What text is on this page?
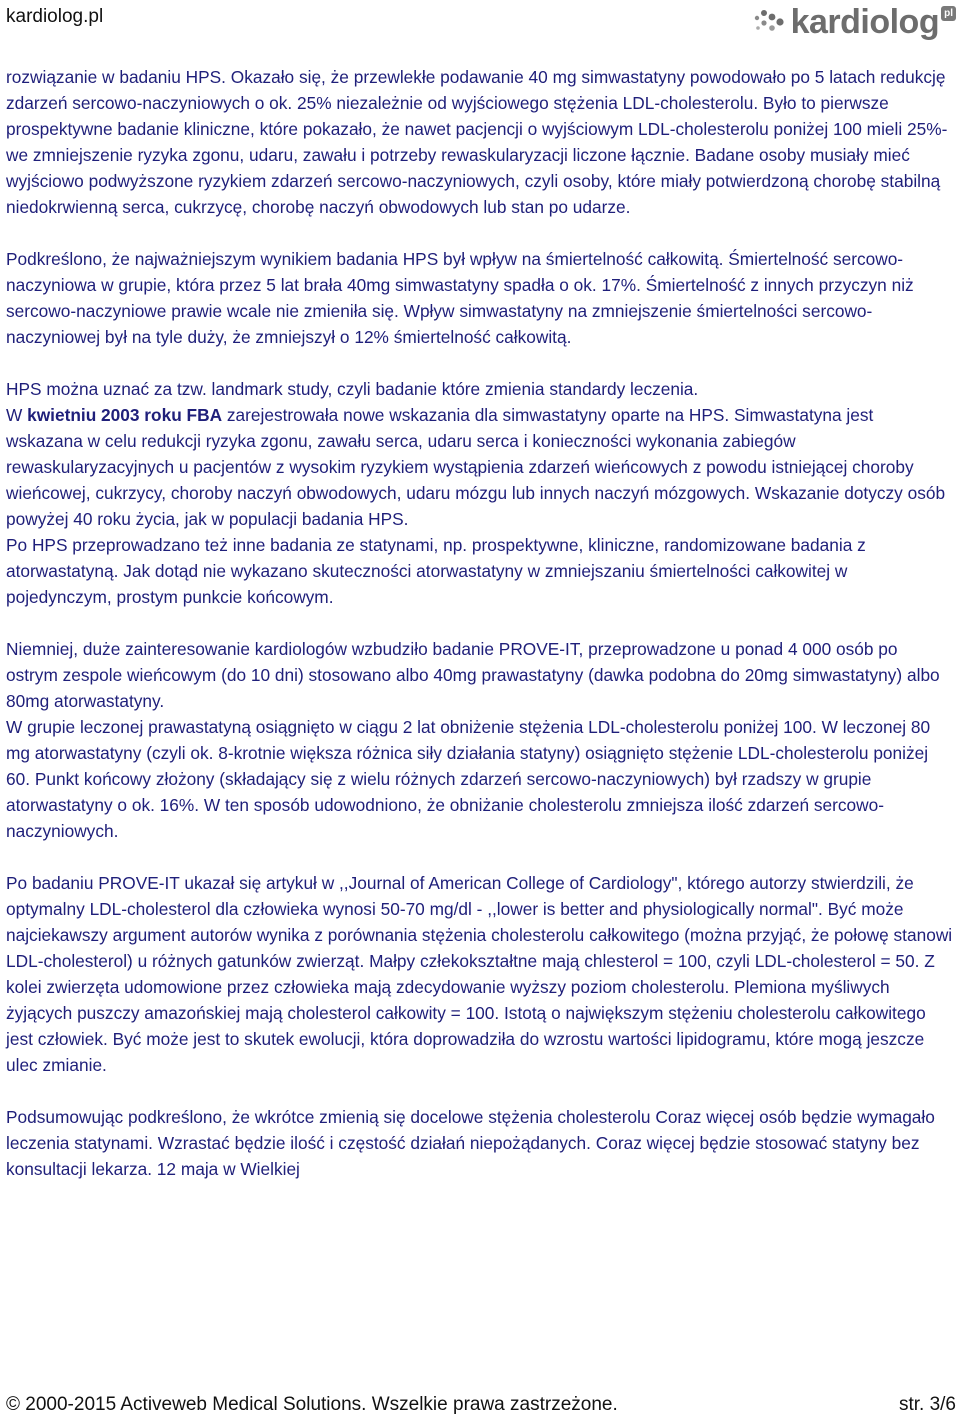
kardiolog.pl	kardiolog pl

rozwiązanie w badaniu HPS. Okazało się, że przewlekłe podawanie 40 mg simwastatyny powodowało po 5 latach redukcję zdarzeń sercowo-naczyniowych o ok. 25% niezależnie od wyjściowego stężenia LDL-cholesterolu. Było to pierwsze prospektywne badanie kliniczne, które pokazało, że nawet pacjencji o wyjściowym LDL-cholesterolu poniżej 100 mieli 25%-we zmniejszenie ryzyka zgonu, udaru, zawału i potrzeby rewaskularyzacji liczone łącznie. Badane osoby musiały mieć wyjściowo podwyższone ryzykiem zdarzeń sercowo-naczyniowych, czyli osoby, które miały potwierdzoną chorobę stabilną niedokrwienną serca, cukrzycę, chorobę naczyń obwodowych lub stan po udarze.

Podkreślono, że najważniejszym wynikiem badania HPS był wpływ na śmiertelność całkowitą. Śmiertelność sercowo-naczyniowa w grupie, która przez 5 lat brała 40mg simwastatyny spadła o ok. 17%. Śmiertelność z innych przyczyn niż sercowo-naczyniowe prawie wcale nie zmieniła się. Wpływ simwastatyny na zmniejszenie śmiertelności sercowo-naczyniowej był na tyle duży, że zmniejszył o 12% śmiertelność całkowitą.

HPS można uznać za tzw. landmark study, czyli badanie które zmienia standardy leczenia.
W kwietniu 2003 roku FBA zarejestrowała nowe wskazania dla simwastatyny oparte na HPS. Simwastatyna jest wskazana w celu redukcji ryzyka zgonu, zawału serca, udaru serca i konieczności wykonania zabiegów rewaskularyzacyjnych u pacjentów z wysokim ryzykiem wystąpienia zdarzeń wieńcowych z powodu istniejącej choroby wieńcowej, cukrzycy, choroby naczyń obwodowych, udaru mózgu lub innych naczyń mózgowych. Wskazanie dotyczy osób powyżej 40 roku życia, jak w populacji badania HPS.
Po HPS przeprowadzano też inne badania ze statynami, np. prospektywne, kliniczne, randomizowane badania z atorwastatyną. Jak dotąd nie wykazano skuteczności atorwastatyny w zmniejszaniu śmiertelności całkowitej w pojedynczym, prostym punkcie końcowym.

Niemniej, duże zainteresowanie kardiologów wzbudziło badanie PROVE-IT, przeprowadzone u ponad 4 000 osób po ostrym zespole wieńcowym (do 10 dni) stosowano albo 40mg prawastatyny (dawka podobna do 20mg simwastatyny) albo 80mg atorwastatyny.

W grupie leczonej prawastatyną osiągnięto w ciągu 2 lat obniżenie stężenia LDL-cholesterolu poniżej 100. W leczonej 80 mg atorwastatyny (czyli ok. 8-krotnie większa różnica siły działania statyny) osiągnięto stężenie LDL-cholesterolu poniżej 60. Punkt końcowy złożony (składający się z wielu różnych zdarzeń sercowo-naczyniowych) był rzadszy w grupie atorwastatyny o ok. 16%. W ten sposób udowodniono, że obniżanie cholesterolu zmniejsza ilość zdarzeń sercowo-naczyniowych.

Po badaniu PROVE-IT ukazał się artykuł w ,,Journal of American College of Cardiology", którego autorzy stwierdzili, że optymalny LDL-cholesterol dla człowieka wynosi 50-70 mg/dl - ,,lower is better and physiologically normal". Być może najciekawszy argument autorów wynika z porównania stężenia cholesterolu całkowitego (można przyjąć, że połowę stanowi LDL-cholesterol) u różnych gatunków zwierząt. Małpy człekokształtne mają chlesterol = 100, czyli LDL-cholesterol = 50. Z kolei zwierzęta udomowione przez człowieka mają zdecydowanie wyższy poziom cholesterolu. Plemiona myśliwych żyjących puszczy amazońskiej mają cholesterol całkowity = 100. Istotą o największym stężeniu cholesterolu całkowitego jest człowiek. Być może jest to skutek ewolucji, która doprowadziła do wzrostu wartości lipidogramu, które mogą jeszcze ulec zmianie.

Podsumowując podkreślono, że wkrótce zmienią się docelowe stężenia cholesterolu Coraz więcej osób będzie wymagało leczenia statynami. Wzrastać będzie ilość i częstość działań niepożądanych. Coraz więcej będzie stosować statyny bez konsultacji lekarza. 12 maja w Wielkiej

© 2000-2015 Activeweb Medical Solutions. Wszelkie prawa zastrzeżone.	str. 3/6
